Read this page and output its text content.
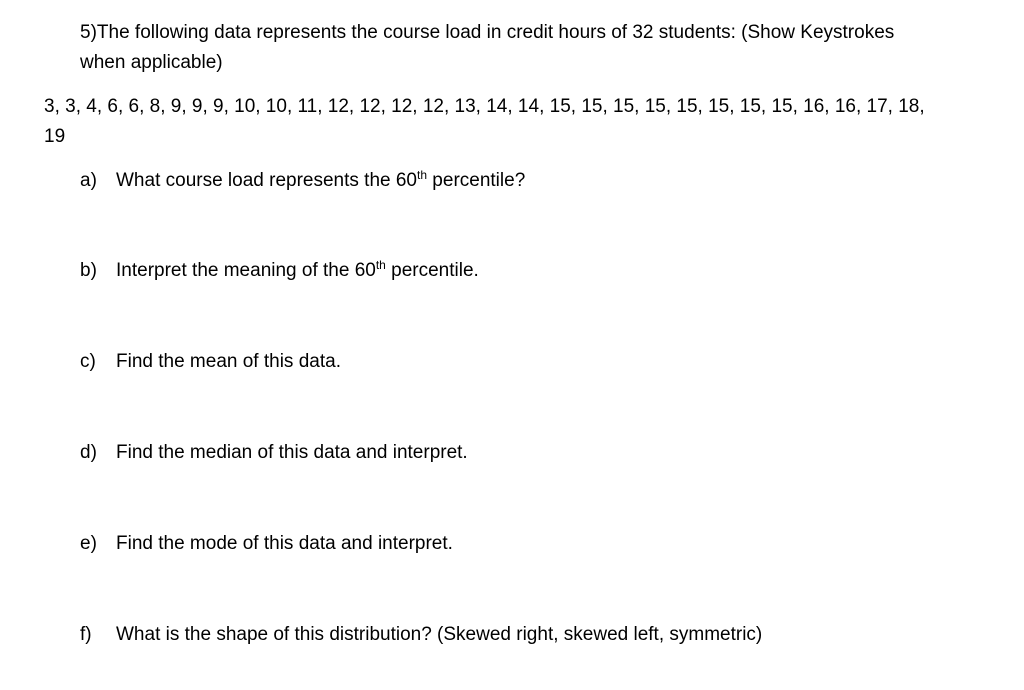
5)The following data represents the course load in credit hours of 32 students: (Show Keystrokes
when applicable)
3, 3, 4, 6, 6, 8, 9, 9, 9, 10, 10, 11, 12, 12, 12, 12, 13, 14, 14, 15, 15, 15, 15, 15, 15, 15, 15, 16, 16, 17, 18,
19
a) What course load represents the 60th percentile?
b) Interpret the meaning of the 60th percentile.
c) Find the mean of this data.
d) Find the median of this data and interpret.
e) Find the mode of this data and interpret.
f) What is the shape of this distribution? (Skewed right, skewed left, symmetric)
